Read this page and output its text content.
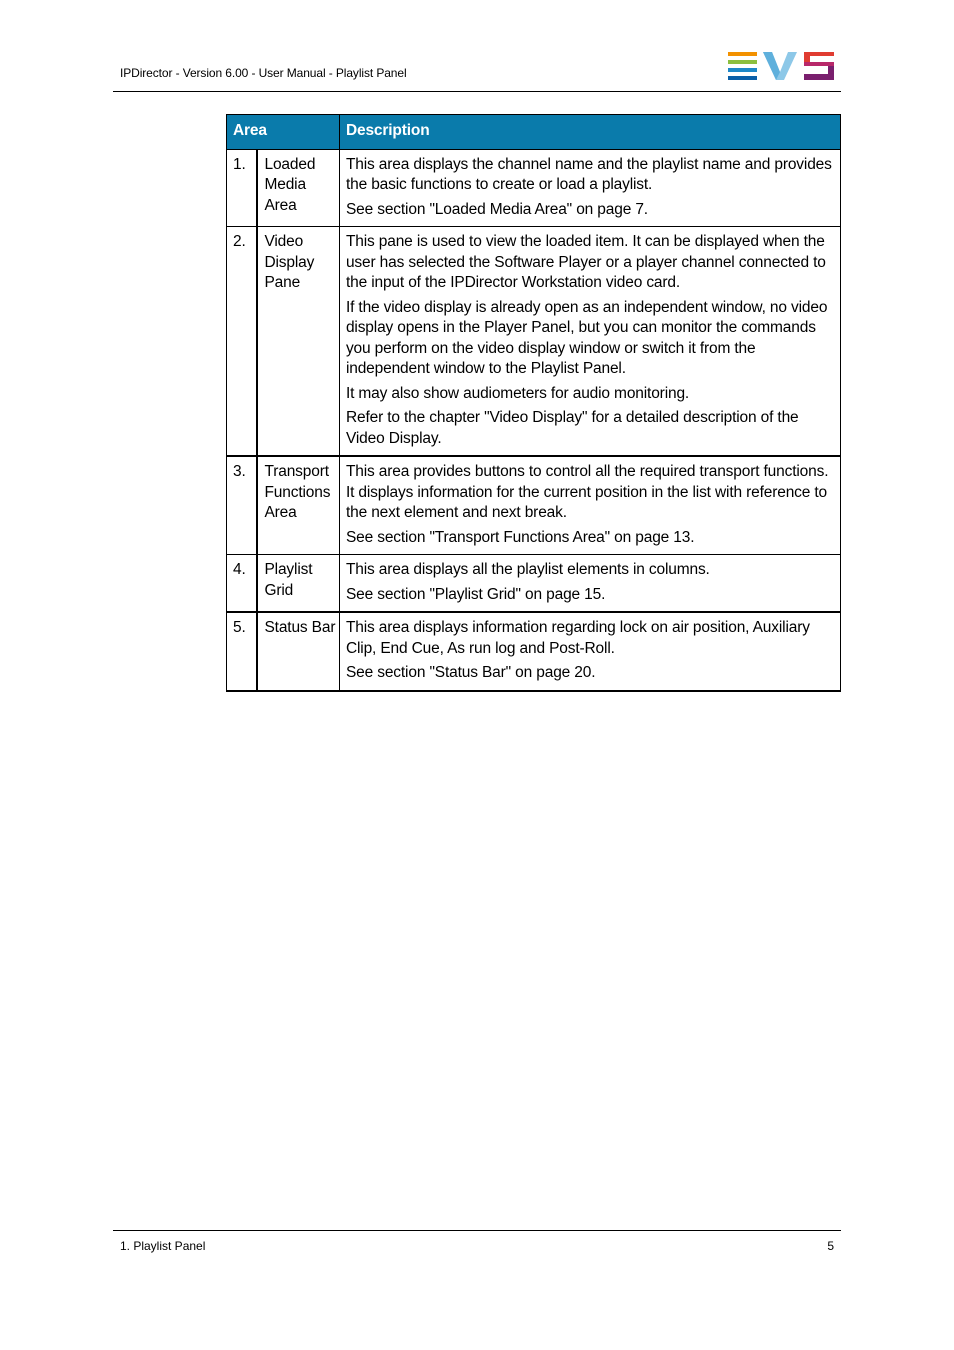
IPDirector - Version 6.00 - User Manual - Playlist Panel
Area		Description
1.	Loaded Media Area	This area displays the channel name and the playlist name and provides the basic functions to create or load a playlist.

See section "Loaded Media Area" on page 7.

2.	Video Display Pane	This pane is used to view the loaded item. It can be displayed when the user has selected the Software Player or a player channel connected to the input of the IPDirector Workstation video card.

If the video display is already open as an independent window, no video display opens in the Player Panel, but you can monitor the commands you perform on the video display window or switch it from the independent window to the Playlist Panel.

It may also show audiometers for audio monitoring.

Refer to the chapter "Video Display" for a detailed description of the Video Display.

3.	Transport Functions Area	This area provides buttons to control all the required transport functions. It displays information for the current position in the list with reference to the next element and next break.

See section "Transport Functions Area" on page 13.

4.	Playlist Grid	This area displays all the playlist elements in columns.

See section "Playlist Grid" on page 15.

5.	Status Bar	This area displays information regarding lock on air position, Auxiliary Clip, End Cue, As run log and Post-Roll.

See section "Status Bar" on page 20.

1. Playlist Panel	5
